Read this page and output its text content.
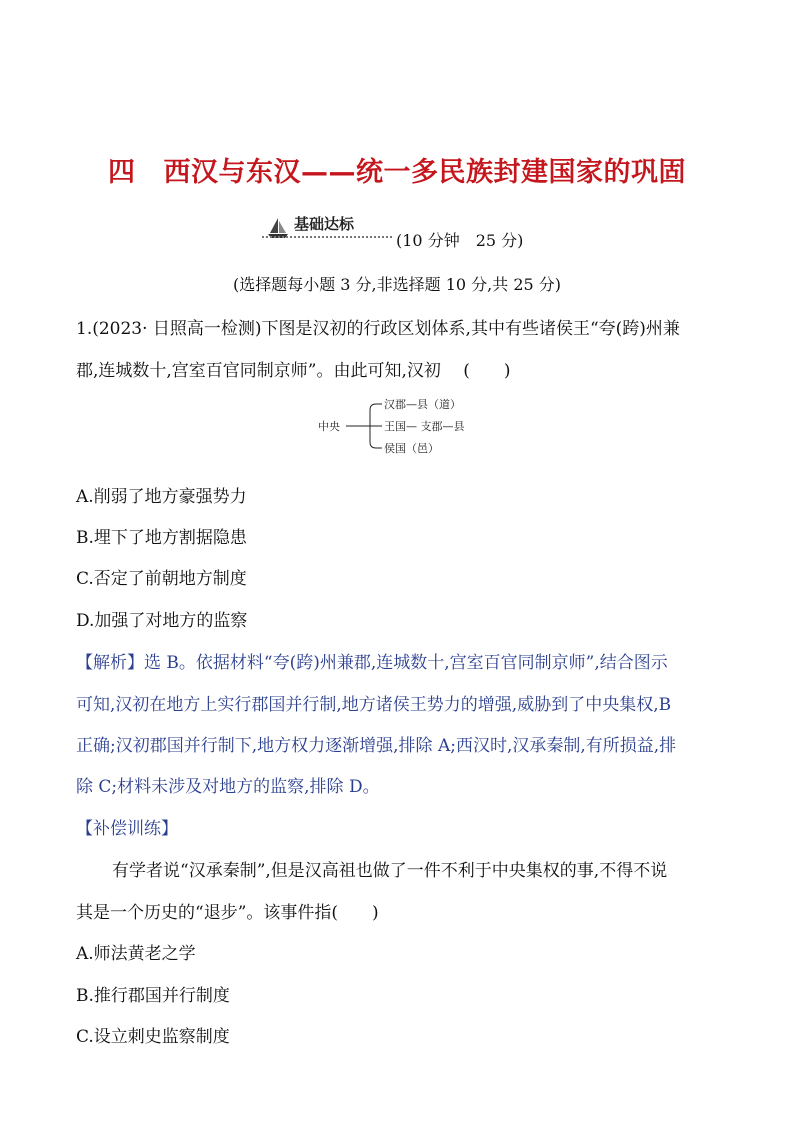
四 西汉与东汉——统一多民族封建国家的巩固
基础达标
(10 分钟　25 分)
(选择题每小题 3 分,非选择题 10 分,共 25 分)
1.(2023· 日照高一检测)下图是汉初的行政区划体系,其中有些诸侯王“夸(跨)州兼
郡,连城数十,宫室百官同制京师”。由此可知,汉初　 (　　)
中央
汉郡—县（道）
王国— 支郡—县
侯国（邑）
A.削弱了地方豪强势力
B.埋下了地方割据隐患
C.否定了前朝地方制度
D.加强了对地方的监察
【解析】选 B。依据材料“夸(跨)州兼郡,连城数十,宫室百官同制京师”,结合图示
可知,汉初在地方上实行郡国并行制,地方诸侯王势力的增强,威胁到了中央集权,B
正确;汉初郡国并行制下,地方权力逐渐增强,排除 A;西汉时,汉承秦制,有所损益,排
除 C;材料未涉及对地方的监察,排除 D。
【补偿训练】
有学者说“汉承秦制”,但是汉高祖也做了一件不利于中央集权的事,不得不说
其是一个历史的“退步”。该事件指(　　)
A.师法黄老之学
B.推行郡国并行制度
C.设立刺史监察制度
